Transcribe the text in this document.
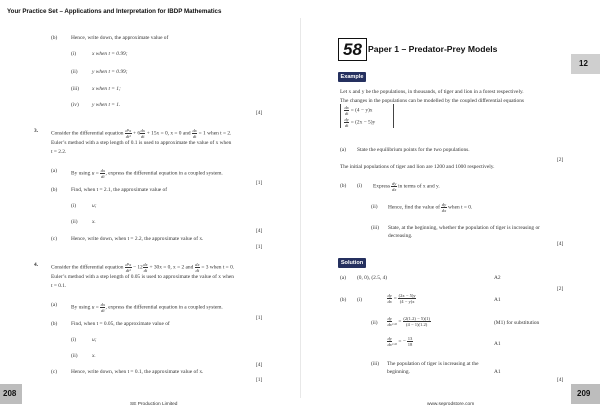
Your Practice Set – Applications and Interpretation for IBDP Mathematics
(b)	Hence, write down, the approximate value of
(i)	x when t = 0.99;
(ii)	y when t = 0.99;
(iii) x when t = 1;
(iv) y when t = 1.
[4]
3. Consider the differential equation $\frac{\text{d²x}}{\text{dt²}} + 6 \frac{dx}{dt} + 15x = 0$, x = 0 and $\frac{dx}{dt} = 1$ when t = 2.
Euler’s method with a step length of 0.1 is used to approximate the value of x when
t = 2.2.
(a)	By using $u = \frac{dx}{dt}$ , express the differential equation in a coupled system.
[1]
(b)	Find, when t = 2.1, the approximate value of
(i)	u;
(ii)	x.
[4]
(c)	Hence, write down, when t = 2.2, the approximate value of x.
[1]
4. Consider the differential equation $\frac{\text{d²x}}{\text{dt²}} - 12 \frac{dx}{dt} + 30x = 0$, x = 2 and $\frac{dx}{dt} = 3$ when t = 0.
Euler’s method with a step length of 0.05 is used to approximate the value of x when
t = 0.1.
(a)	By using $u = \frac{dx}{dt}$ , express the differential equation in a coupled system.
[1]
(b)	Find, when t = 0.05, the approximate value of
(i)	u;
(ii)	x.
[4]
(c)	Hence, write down, when t = 0.1, the approximate value of x.
[1]
58 Paper 1 – Predator-Prey Models
Example
Let x and y be the populations, in thousands, of tiger and lion in a forest respectively.
The changes in the populations can be modelled by the coupled differential equations
$\frac{dx}{dt} = (4 - y)x$
$\frac{dy}{dt} = (2x - 5)y$
(a) State the equilibrium points for the two populations.
[2]
The initial populations of tiger and lion are 1200 and 1000 respectively.
(b) (i) Express $\frac{dy}{dx}$ in terms of x and y.
(ii) Hence, find the value of $\frac{dy}{dx}$ when t = 0.
(iii) State, at the beginning, whether the population of tiger is increasing or
decreasing.
[4]
Solution
(a) (0, 0), (2.5, 4)	A2
[2]
(b) (i)	$\frac{dy}{dx} = \frac{(2x - 5)y}{(4 - y)x}$	A1
$(ii) \frac{dy}{dx} _{t=0} = \frac{(2(1.2) - 5)(1)}{(4 - 1)(1.2)}$	(M1) for substitution
$\frac{dy}{dx} _{t=0}$ = − $\frac{13}{18}$	A1
(iii) The population of tiger is increasing at the
beginning.	A1
[4]
12
208	209
SE Production Limited	www.seprodstore.com
